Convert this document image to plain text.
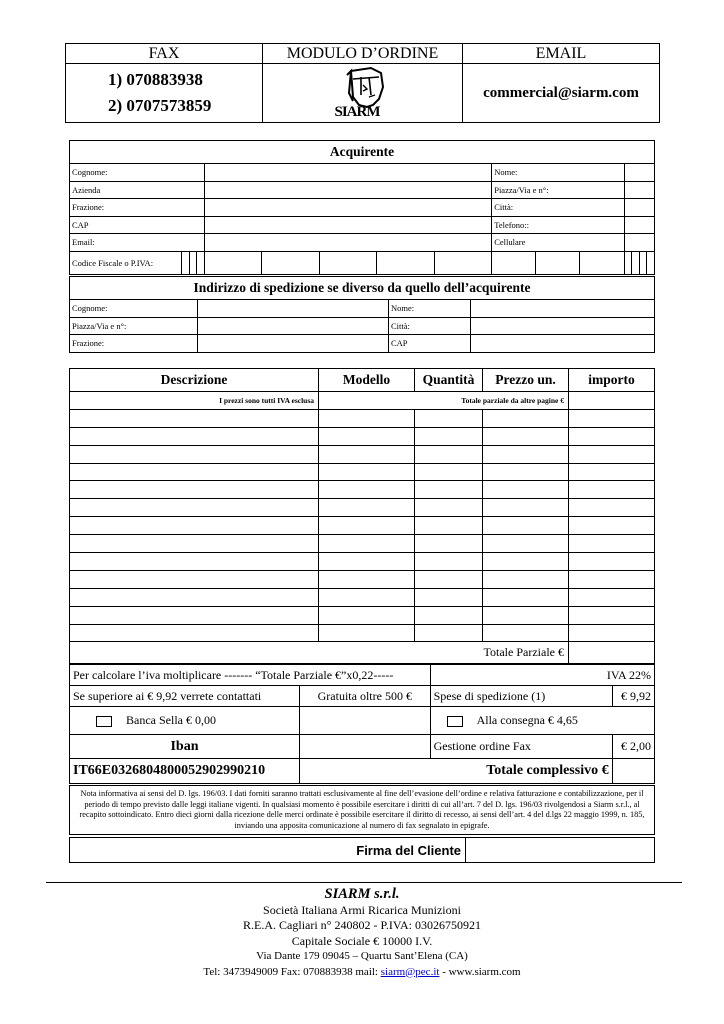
FAX	MODULO D’ORDINE	EMAIL

1) 070883938
2) 0707573859	SIARM	commercial@siarm.com
Acquirente															
Cognome:									Nome:						
Azienda									Piazza/Via e n°:						
Frazione:									Città:						
CAP									Telefono::						
Email:									Cellulare						
Codice Fiscale o P.IVA:															
Indirizzo di spedizione se diverso da quello dell’acquirente			
Cognome:		Nome:	
Piazza/Via e n°:		Città:	
Frazione:		CAP	
Descrizione	Modello	Quantità	Prezzo un.	importo
I prezzi sono tutti IVA esclusa	Totale parziale da altre pagine €			

Totale Parziale €				
Per calcolare l’iva moltiplicare ------- “Totale Parziale €”x0,22-----		IVA 22%	
Se superiore ai € 9,92 verrete contattati	Gratuita oltre 500 €	Spese di spedizione (1)	€ 9,92
Banca Sella € 0,00		Alla consegna € 4,65	
Iban		Gestione ordine Fax	€ 2,00
IT66E0326804800052902990210	Totale complessivo €		
Nota informativa ai sensi del D. lgs. 196/03. I dati forniti saranno trattati esclusivamente al fine dell’evasione dell’ordine e relativa fatturazione e contabilizzazione, per il periodo di tempo previsto dalle leggi italiane vigenti. In qualsiasi momento è possibile esercitare i diritti di cui all’art. 7 del D. lgs. 196/03 rivolgendosi a Siarm s.r.l., al recapito sottoindicato. Entro dieci giorni dalla ricezione delle merci ordinate è possibile esercitare il diritto di recesso, ai sensi dell’art. 4 del d.lgs 22 maggio 1999, n. 185, inviando una apposita comunicazione al numero di fax segnalato in epigrafe.
Firma del Cliente	
SIARM s.r.l.
Società Italiana Armi Ricarica Munizioni
R.E.A. Cagliari n° 240802 - P.IVA: 03026750921
Capitale Sociale € 10000 I.V.
Via Dante 179 09045 – Quartu Sant’Elena (CA)
Tel: 3473949009 Fax: 070883938 mail: siarm@pec.it - www.siarm.com
